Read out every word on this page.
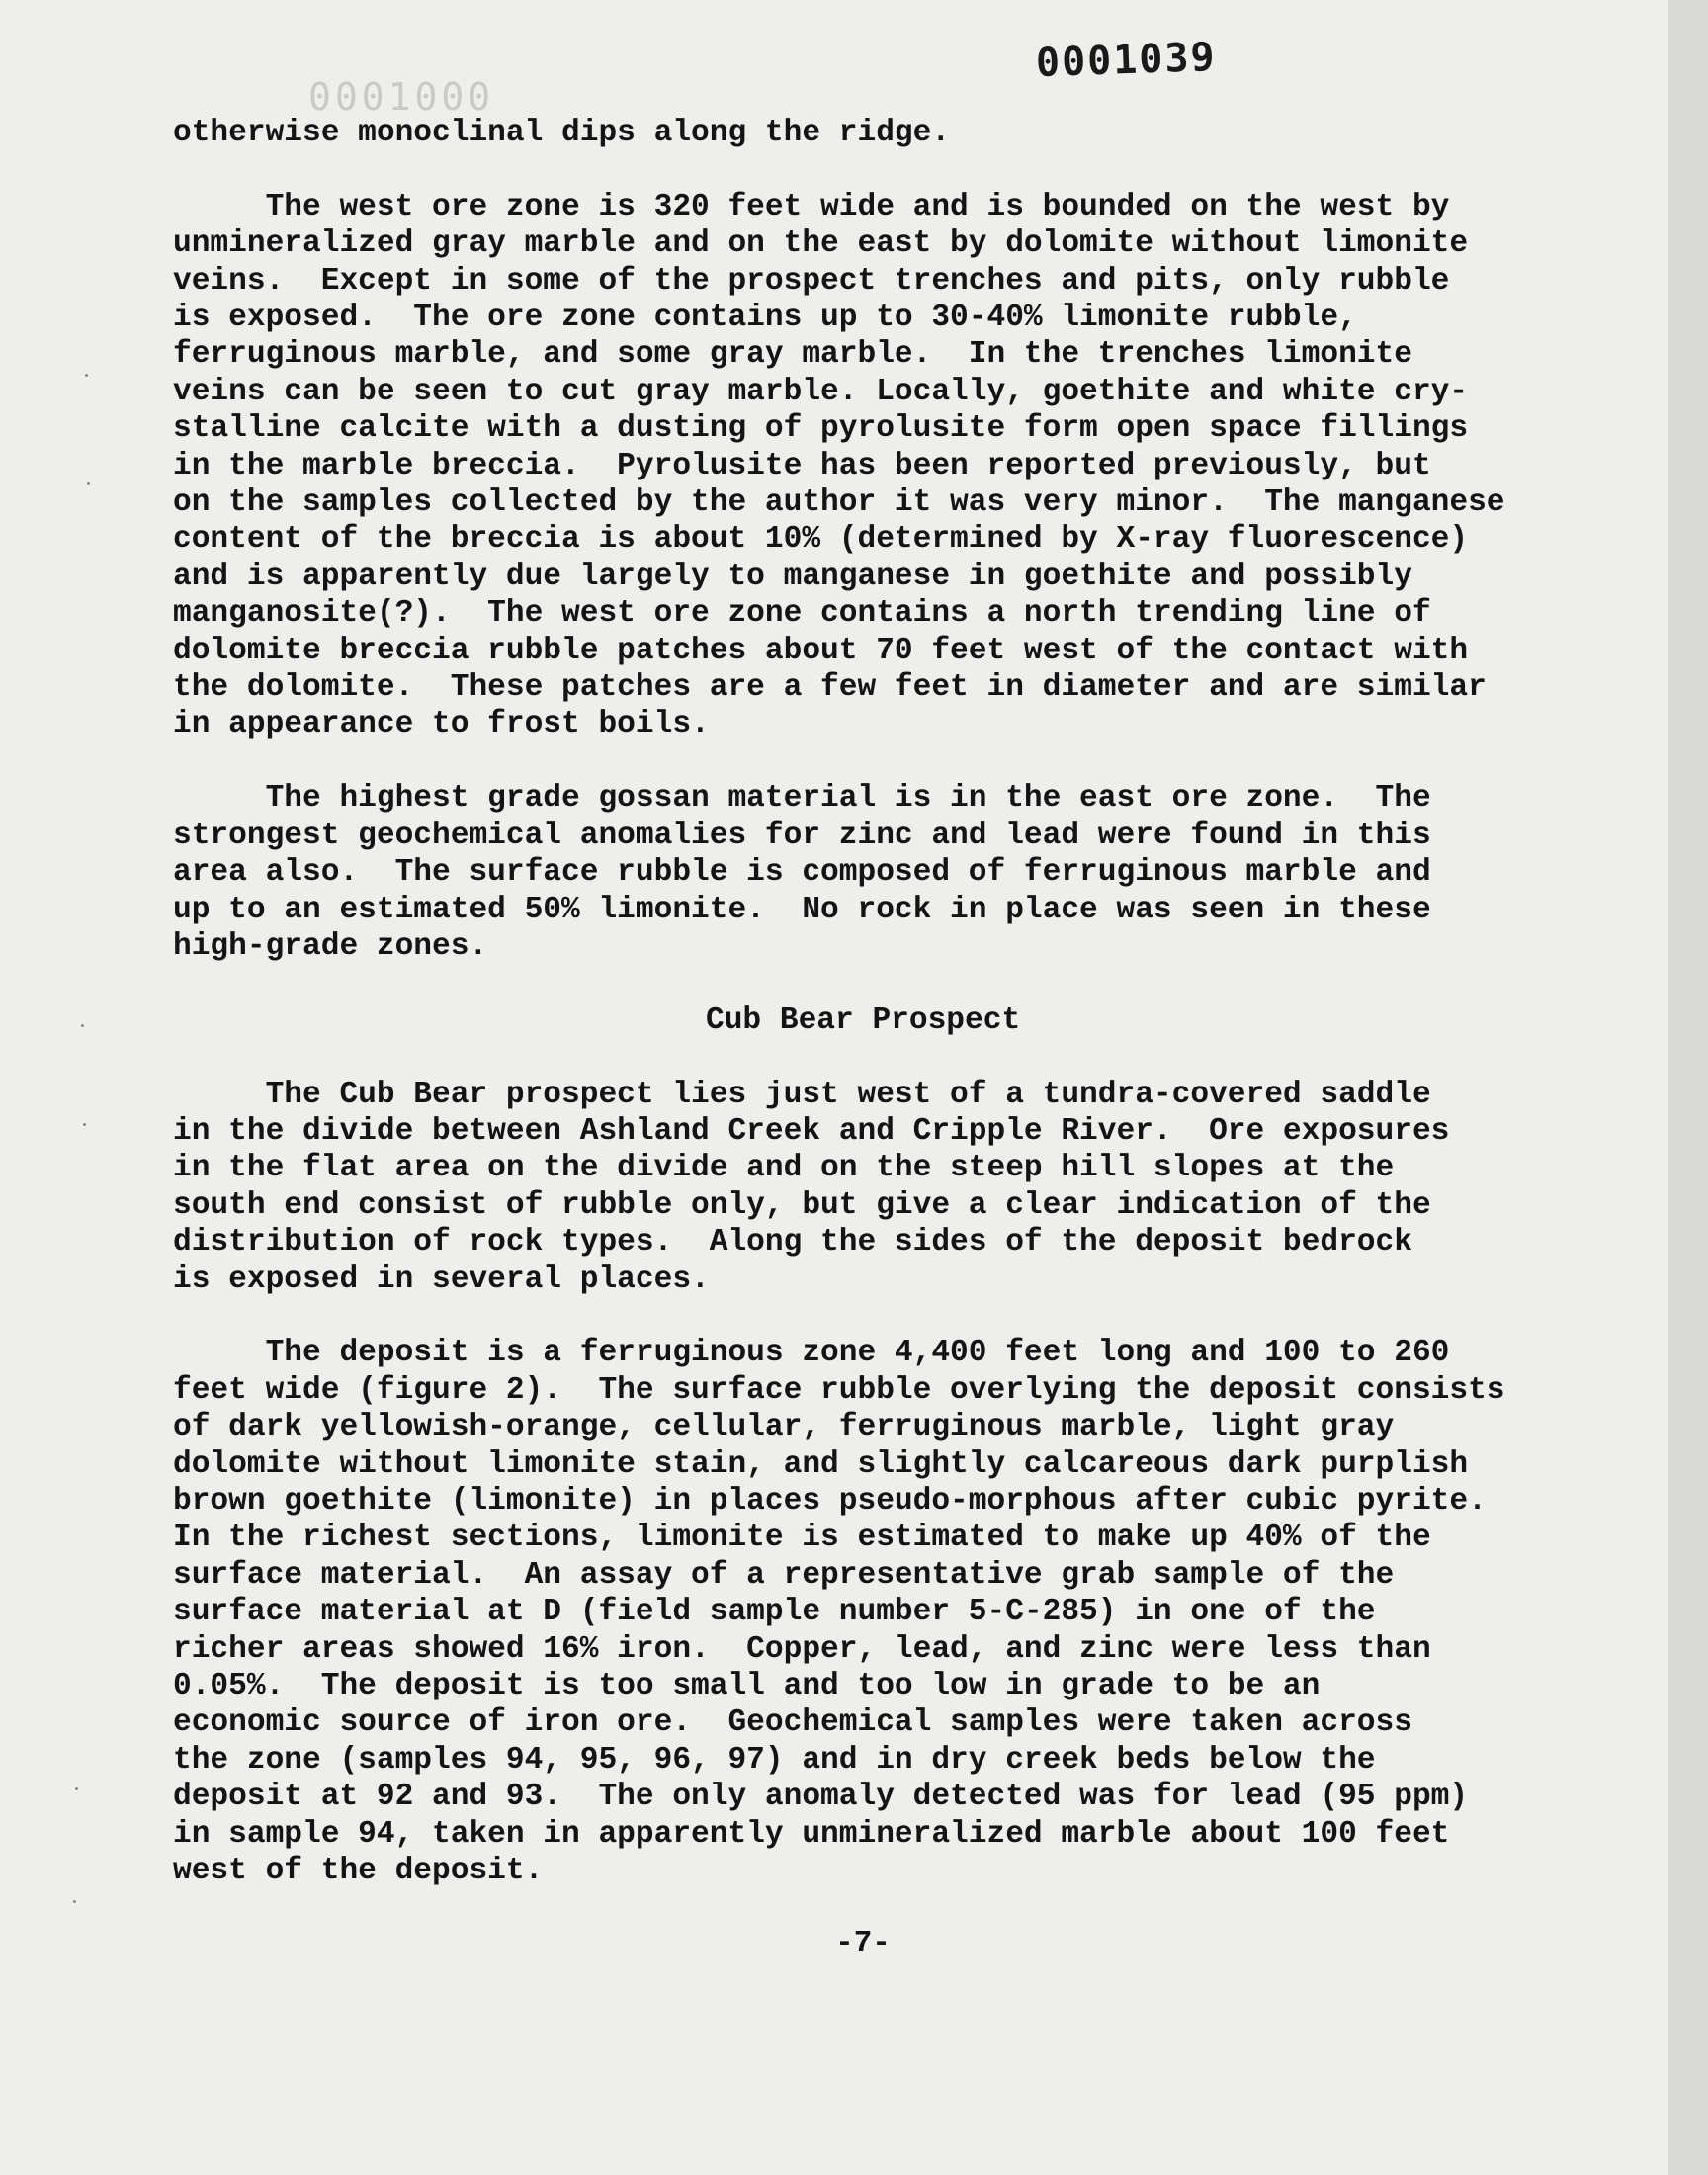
0001039
0001000

otherwise monoclinal dips along the ridge.

The west ore zone is 320 feet wide and is bounded on the west by
unmineralized gray marble and on the east by dolomite without limonite
veins.  Except in some of the prospect trenches and pits, only rubble
is exposed.  The ore zone contains up to 30-40% limonite rubble,
ferruginous marble, and some gray marble.  In the trenches limonite
veins can be seen to cut gray marble. Locally, goethite and white cry-
stalline calcite with a dusting of pyrolusite form open space fillings
in the marble breccia.  Pyrolusite has been reported previously, but
on the samples collected by the author it was very minor.  The manganese
content of the breccia is about 10% (determined by X-ray fluorescence)
and is apparently due largely to manganese in goethite and possibly
manganosite(?).  The west ore zone contains a north trending line of
dolomite breccia rubble patches about 70 feet west of the contact with
the dolomite.  These patches are a few feet in diameter and are similar
in appearance to frost boils.

The highest grade gossan material is in the east ore zone.  The
strongest geochemical anomalies for zinc and lead were found in this
area also.  The surface rubble is composed of ferruginous marble and
up to an estimated 50% limonite.  No rock in place was seen in these
high-grade zones.

Cub Bear Prospect

The Cub Bear prospect lies just west of a tundra-covered saddle
in the divide between Ashland Creek and Cripple River.  Ore exposures
in the flat area on the divide and on the steep hill slopes at the
south end consist of rubble only, but give a clear indication of the
distribution of rock types.  Along the sides of the deposit bedrock
is exposed in several places.

The deposit is a ferruginous zone 4,400 feet long and 100 to 260
feet wide (figure 2).  The surface rubble overlying the deposit consists
of dark yellowish-orange, cellular, ferruginous marble, light gray
dolomite without limonite stain, and slightly calcareous dark purplish
brown goethite (limonite) in places pseudo-morphous after cubic pyrite.
In the richest sections, limonite is estimated to make up 40% of the
surface material.  An assay of a representative grab sample of the
surface material at D (field sample number 5-C-285) in one of the
richer areas showed 16% iron.  Copper, lead, and zinc were less than
0.05%.  The deposit is too small and too low in grade to be an
economic source of iron ore.  Geochemical samples were taken across
the zone (samples 94, 95, 96, 97) and in dry creek beds below the
deposit at 92 and 93.  The only anomaly detected was for lead (95 ppm)
in sample 94, taken in apparently unmineralized marble about 100 feet
west of the deposit.

-7-
